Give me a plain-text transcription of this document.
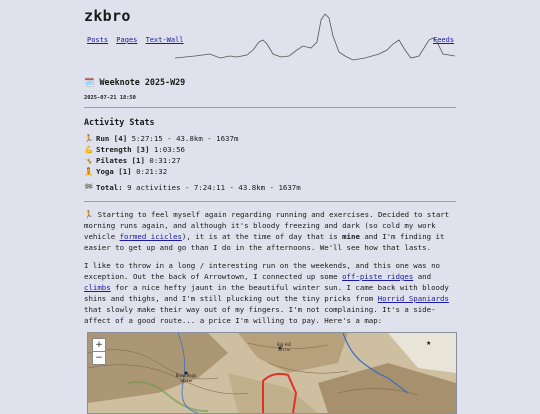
zkbro
Posts Pages Text-Wall	Feeds
🗓️ Weeknote 2025-W29
2025-07-21 18:50
Activity Stats
🏃 Run [4] 5:27:15 - 43.8km - 1637m
💪 Strength [3] 1:03:56
🤸 Pilates [1] 0:31:27
🧘 Yoga [1] 0:21:32
🏁 Total: 9 activities - 7:24:11 - 43.8km - 1637m

🏃 Starting to feel myself again regarding running and exercises. Decided to start morning runs again, and although it's bloody freezing and dark (so cold my work vehicle formed icicles), it is at the time of day that is mine and I'm finding it easier to get up and go than I do in the afternoons. We'll see how that lasts.

I like to throw in a long / interesting run on the weekends, and this one was no exception. Out the back of Arrowtown, I connected up some off-piste ridges and climbs for a nice hefty jaunt in the beautiful winter sun. I came back with bloody shins and thighs, and I'm still plucking out the tiny pricks from Horrid Spaniards that slowly make their way out of my fingers. I'm not complaining. It's a side-affect of a good route... a price I'm willing to pay. Here's a map:

Brow Peak
1621m
Big Hill
1217m
★
+
−
